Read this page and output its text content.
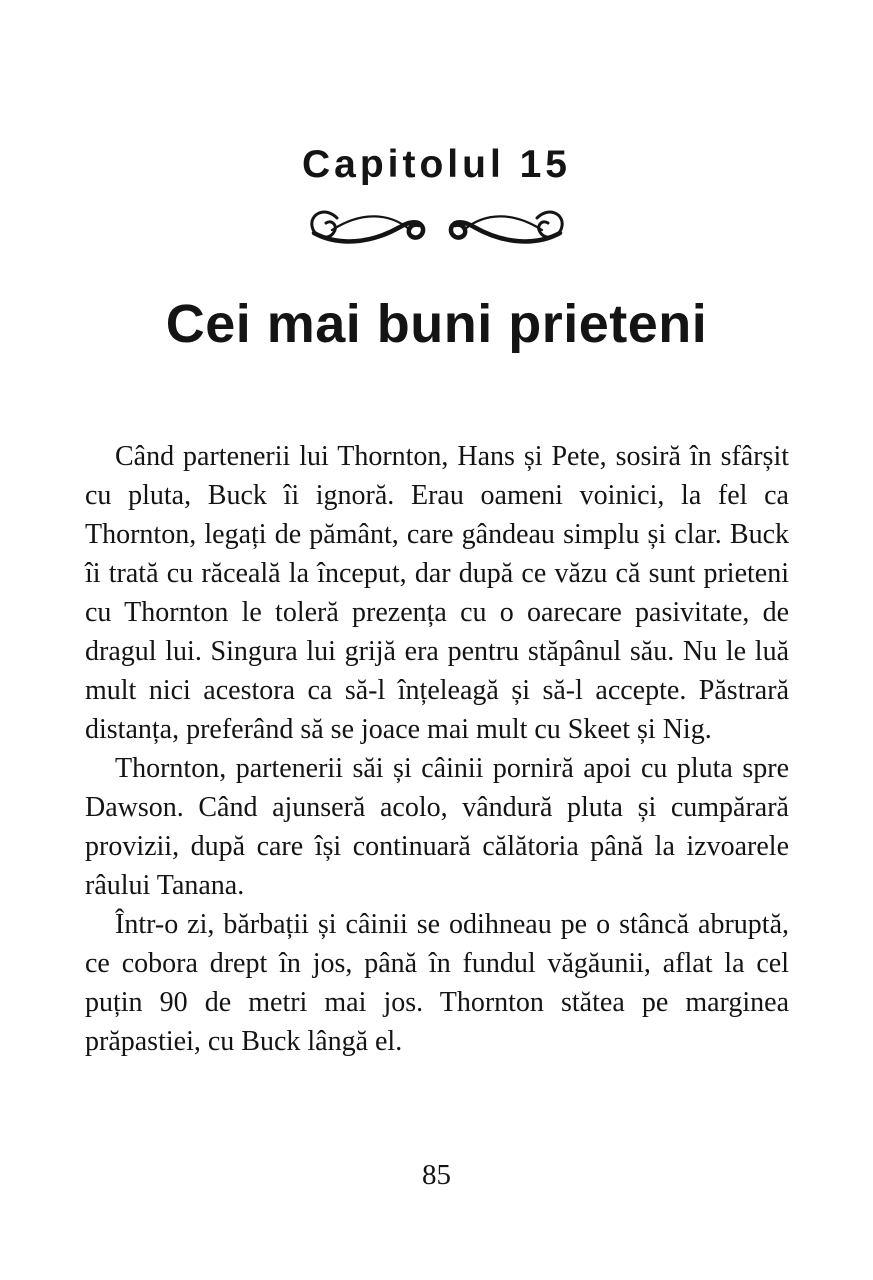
Capitolul 15
Cei mai buni prieteni

Când partenerii lui Thornton, Hans și Pete, sosiră în sfârșit cu pluta, Buck îi ignoră. Erau oameni voinici, la fel ca Thornton, legați de pământ, care gândeau simplu și clar. Buck îi trată cu răceală la început, dar după ce văzu că sunt prieteni cu Thornton le toleră prezența cu o oarecare pasivitate, de dragul lui. Singura lui grijă era pentru stăpânul său. Nu le luă mult nici acestora ca să-l înțeleagă și să-l accepte. Păstrară distanța, preferând să se joace mai mult cu Skeet și Nig.

Thornton, partenerii săi și câinii porniră apoi cu pluta spre Dawson. Când ajunseră acolo, vândură pluta și cumpărară provizii, după care își continuară călătoria până la izvoarele râului Tanana.

Într-o zi, bărbații și câinii se odihneau pe o stâncă abruptă, ce cobora drept în jos, până în fundul văgăunii, aflat la cel puțin 90 de metri mai jos. Thornton stătea pe marginea prăpastiei, cu Buck lângă el.

85
